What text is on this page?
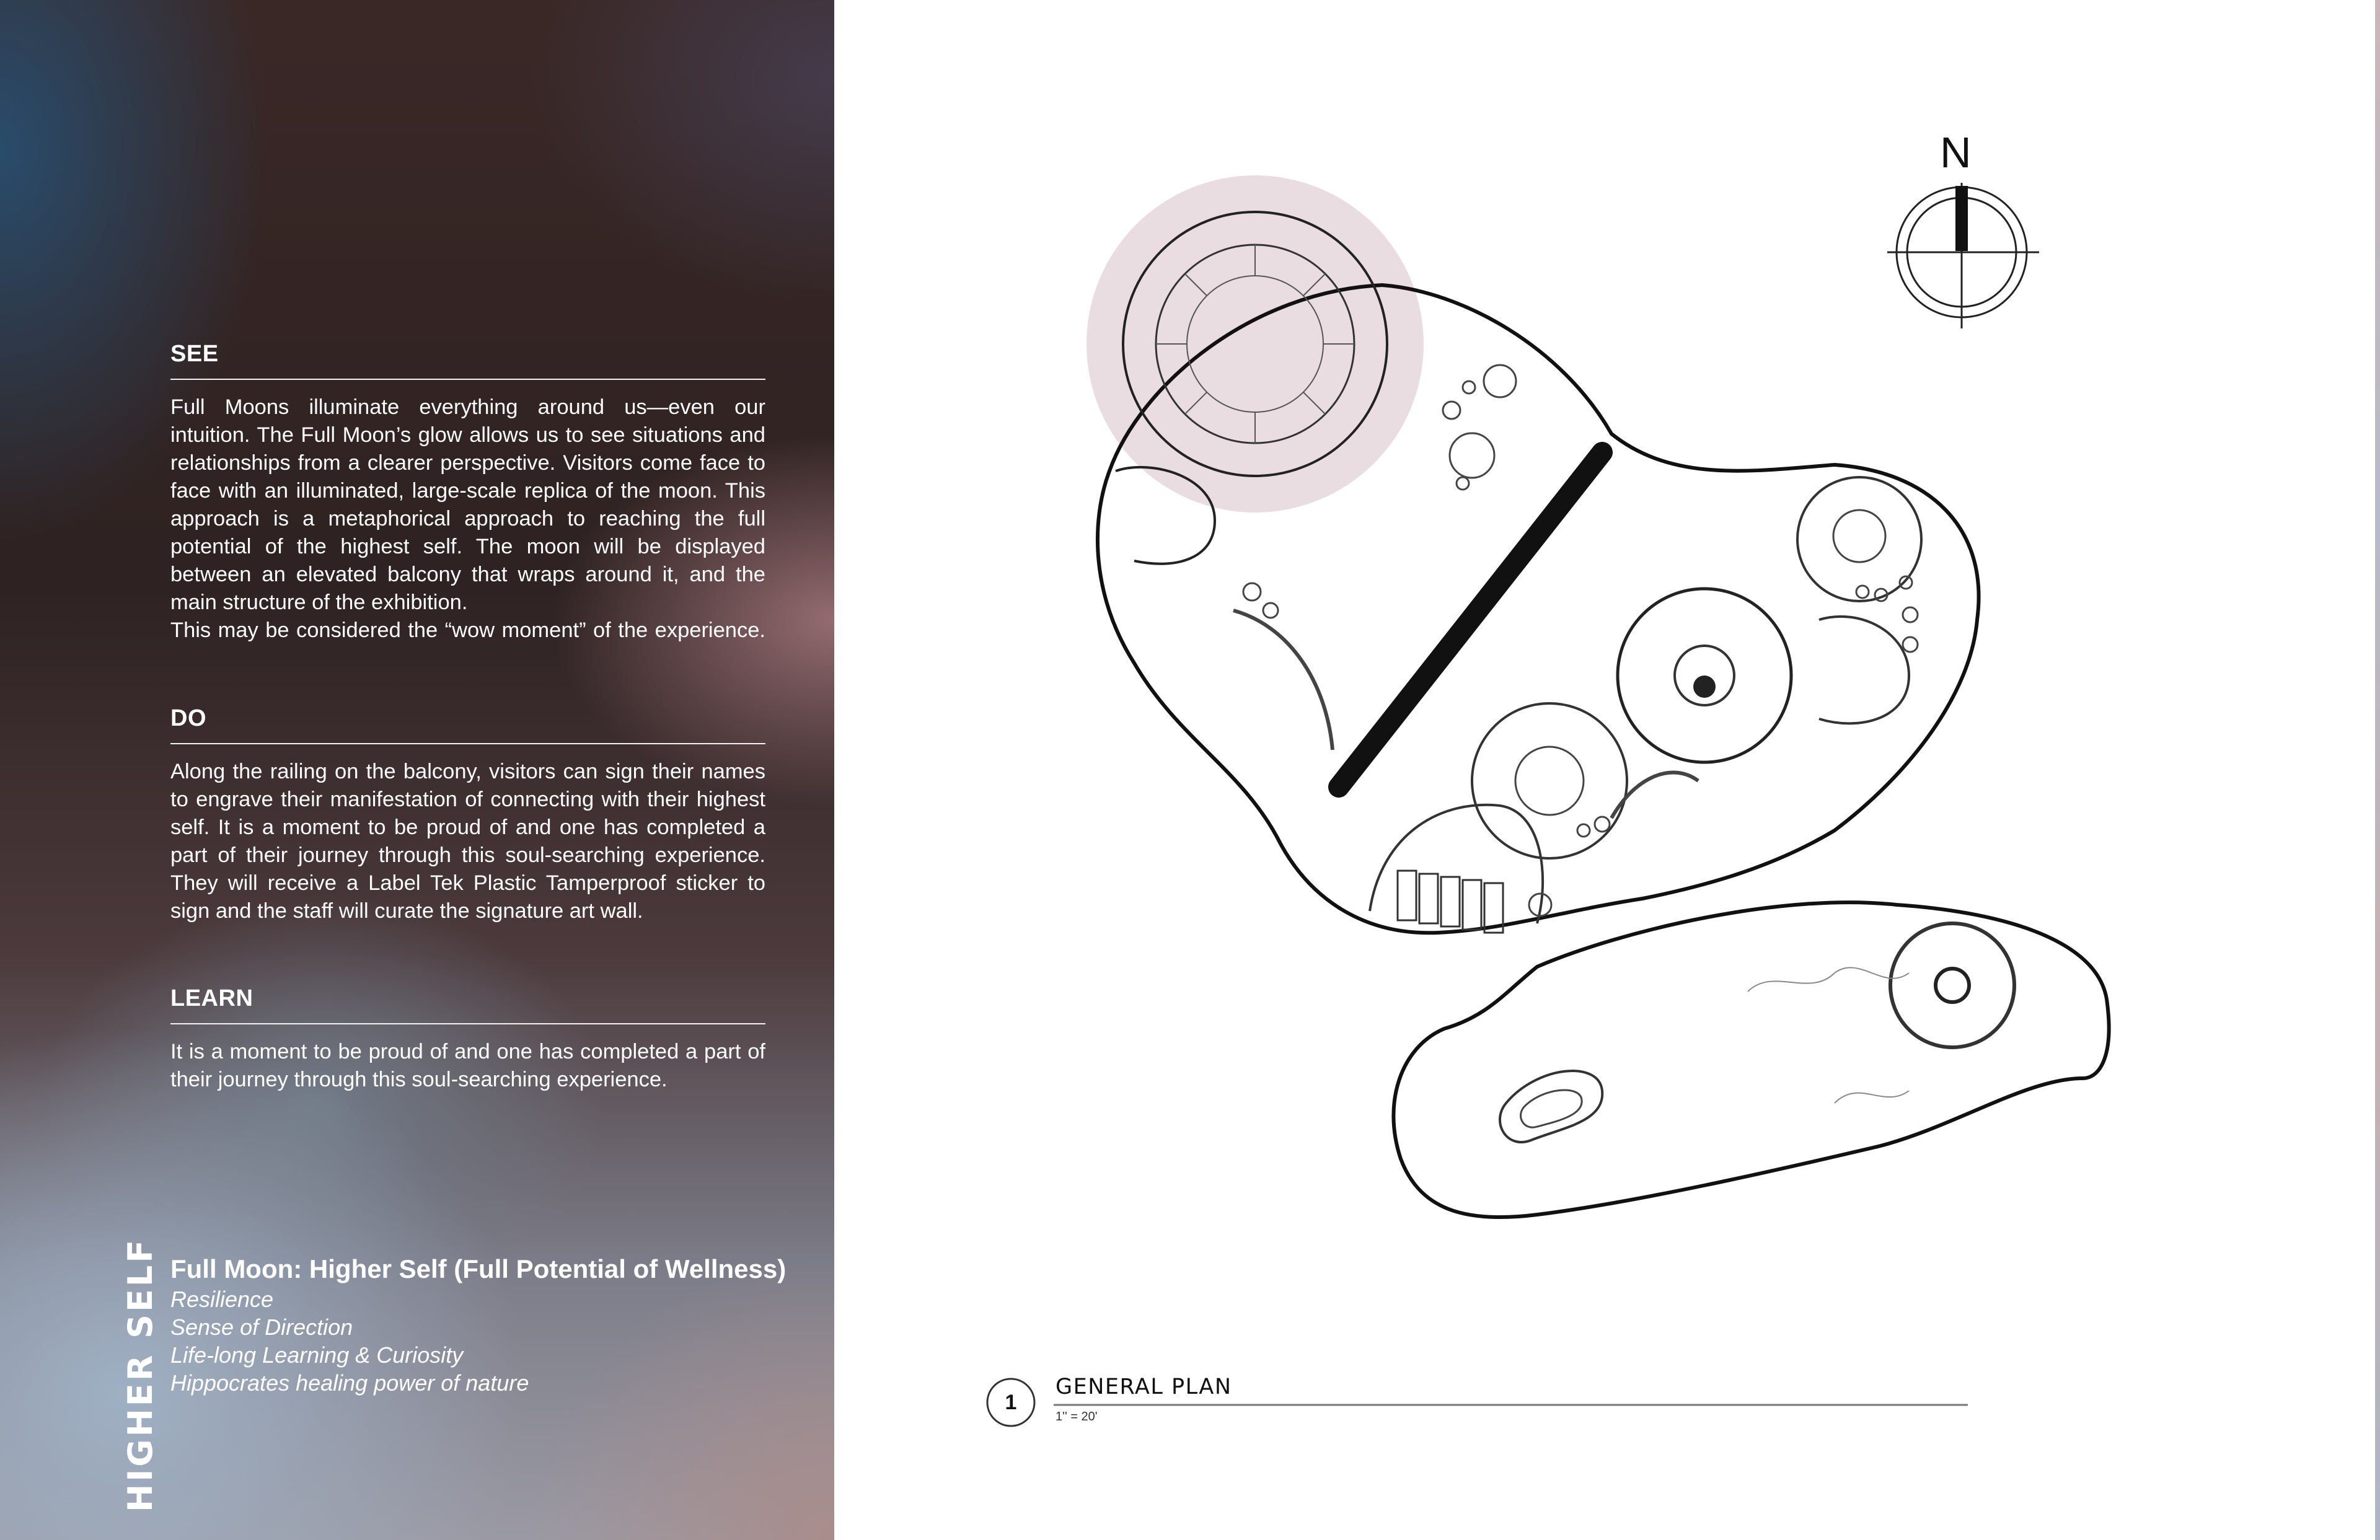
SEE

Full Moons illuminate everything around us—even our intuition. The Full Moon’s glow allows us to see situations and relationships from a clearer perspective. Visitors come face to face with an illuminated, large-scale replica of the moon. This approach is a metaphorical approach to reaching the full potential of the highest self. The moon will be displayed between an elevated balcony that wraps around it, and the main structure of the exhibition.

This may be considered the “wow moment” of the experience.

DO

Along the railing on the balcony, visitors can sign their names to engrave their manifestation of connecting with their highest self. It is a moment to be proud of and one has completed a part of their journey through this soul-searching experience. They will receive a Label Tek Plastic Tamperproof sticker to sign and the staff will curate the signature art wall.

LEARN

It is a moment to be proud of and one has completed a part of their journey through this soul-searching experience.

Full Moon: Higher Self (Full Potential of Wellness)
Resilience
Sense of Direction
Life-long Learning & Curiosity
Hippocrates healing power of nature
HIGHER SELF
N
1
GENERAL PLAN
1'' = 20'
